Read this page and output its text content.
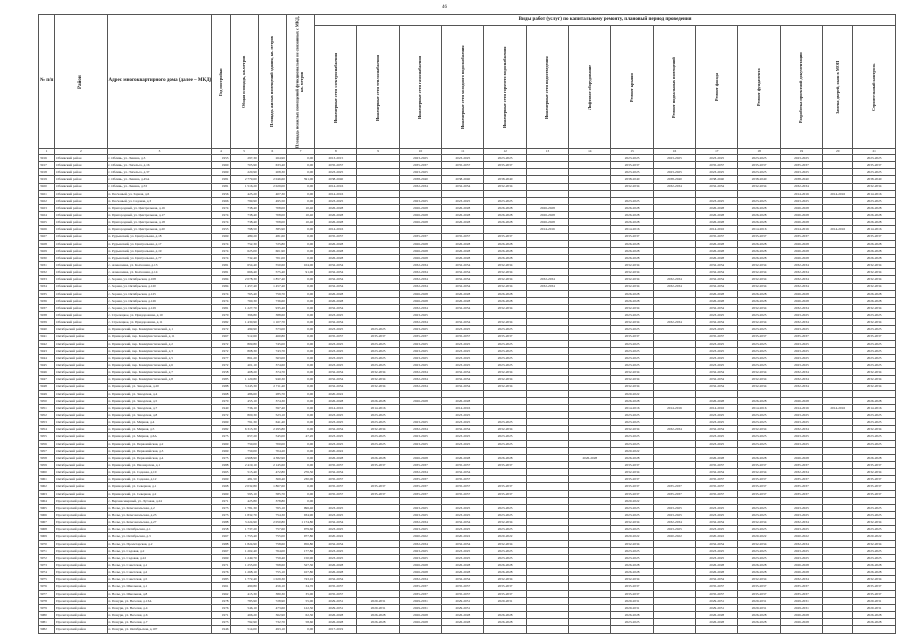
46
№ п/п	Район	Адрес многоквартирного дома (далее – МКД)	Год постройки	Общая площадь, кв.метров	Площадь жилых помещений здания, кв. метров	Площадь нежилых помещений функционально не связанных с МКД, кв. метров	Виды работ (услуг) по капитальному ремонту, плановый период проведения													
							Инженерные сети электроснабжения	Инженерные сети теплоснабжения	Инженерные сети газоснабжения	Инженерные сети холодного водоснабжения	Инженерные сети горячего водоснабжения	Инженерные сети водоотведения	Лифтовое оборудование	Ремонт крыши	Ремонт подвальных помещений	Ремонт фасада	Ремонт фундамента	Разработка проектной документации	Замена дверей, окон в МОП	Строительный контроль
1	2	3	4	5	6	7	8	9	10	11	12	13	14	15	16	17	18	19	20	21
3916	Обливский район	г. Обливь, ул. Ленина, д.3	1953	297,30	264,90	0,00	2013-2015		2023-2025	2023-2025	2023-2025			2023-2025	2023-2025	2023-2025	2023-2025	2023-2025		2023-2025
3917	Обливский район	г. Обливь, ул. Энгельса, д.16	1960	705,90	633,40	0,00	2035-2037		2035-2037	2035-2037	2035-2037			2035-2037		2035-2037	2035-2037	2035-2037		2035-2037
3918	Обливский район	г. Обливь, ул. Энгельса, д.37	1969	220,90	208,30	0,00	2023-2025		2023-2025					2023-2025	2023-2025	2023-2025	2023-2025	2023-2025		2023-2025
3919	Обливский район	г. Обливь, ул. Ленина, д.45А	1981	2 779,60	2 046,60	591,00	2038-2040		2038-2040	2038-2040	2038-2040			2038-2040	2038-2040	2038-2040	2038-2040	2038-2040		2038-2040
3920	Обливский район	г. Обливь, ул. Ленина, д.53	1981	1 516,20	2 029,00	0,00	2014-2016		2032-2034	2032-2034	2032-2034			2032-2034	2032-2034	2032-2034	2032-2034	2032-2034		2032-2034
3921	Обливский район	п. Песчаный, ул. Зорная, д.6	1956	425,20	407,30	0,00	2014-2016											2014-2016	2014-2016	2014-2016
3922	Обливский район	п. Песчаный, ул. Садовая, д.3	1966	799,90	495,50	0,00	2023-2025		2023-2025	2023-2025	2023-2025			2023-2025		2023-2025	2023-2025	2023-2025		2023-2025
3923	Обливский район	п. Пригородный, ул. Центральная, д.16	1974	738,40	708,00	10,40	2026-2028		2026-2028	2026-2028	2026-2028	2026-2028		2026-2028		2026-2028	2026-2028	2026-2028		2026-2028
3924	Обливский район	п. Пригородный, ул. Центральная, д.17	1974	738,40	708,00	10,40	2026-2028		2026-2028	2026-2028	2026-2028	2026-2028		2026-2028		2026-2028	2026-2028	2026-2028		2026-2028
3925	Обливский район	п. Пригородный, ул. Центральная, д.18	1974	738,40	708,00	10,40	2026-2028		2026-2028	2026-2028	2026-2028	2026-2028		2026-2028		2026-2028	2026-2028	2026-2028		2026-2028
3926	Обливский район	п. Пригородный, ул. Центральная, д.20	1953	798,50	385,90	0,00	2014-2016					2014-2016		2014-2016		2014-2016	2014-2016	2014-2016	2014-2016	2014-2016
3927	Обливский район	п. Рудьевский, ул. Центральная, д.18	1969	489,20	481,60	0,00	2035-2037		2035-2037	2035-2037	2035-2037			2035-2037		2035-2037	2035-2037	2035-2037		2035-2037
3928	Обливский район	п. Рудьевский, ул. Центральная, д.17	1974	752,30	725,80	0,00	2026-2028		2026-2028	2026-2028	2026-2028			2026-2028		2026-2028	2026-2028	2026-2028		2026-2028
3929	Обливский район	п. Рудьевский, ул. Центральная, д.19	1974	625,00	601,90	0,00	2026-2028		2026-2028	2026-2028	2026-2028			2026-2028		2026-2028	2026-2028	2026-2028		2026-2028
3930	Обливский район	п. Рудьевский, ул. Центральная, д.77	1974	732,40	701,00	0,00	2026-2028		2026-2028	2026-2028	2026-2028			2026-2028		2026-2028	2026-2028	2026-2028		2026-2028
3931	Обливский район	с. Алексеевка, ул. Колхозная, д.13	1981	654,40	550,60	104,00	2032-2034		2032-2034	2032-2034	2032-2034			2032-2034		2032-2034	2032-2034	2032-2034		2032-2034
3932	Обливский район	с. Алексеевка, ул. Колхозная, д.14	1981	666,40	575,40	91,00	2032-2034		2032-2034	2032-2034	2032-2034			2032-2034		2032-2034	2032-2034	2032-2034		2032-2034
3933	Обливский район	с. Зорная, ул. Октябрьская, д.108	1984	2 078,30	1 857,40	0,00	2032-2034		2032-2034	2032-2034	2032-2034	2032-2034		2032-2034	2032-2034	2032-2034	2032-2034	2032-2034		2032-2034
3934	Обливский район	с. Зорная, ул. Октябрьская, д.120	1984	1 457,40	1 457,40	0,00	2032-2034		2032-2034	2032-2034	2032-2034	2032-2034		2032-2034	2032-2034	2032-2034	2032-2034	2032-2034		2032-2034
3935	Обливский район	с. Зорная, ул. Октябрьская, д.125	1974	765,40	759,70	0,00	2026-2028		2026-2028	2026-2028	2026-2028			2026-2028		2026-2028	2026-2028	2026-2028		2026-2028
3936	Обливский район	с. Зорная, ул. Октябрьская, д.126	1974	760,30	736,60	0,00	2026-2028		2026-2028	2026-2028	2026-2028			2026-2028		2026-2028	2026-2028	2026-2028		2026-2028
3937	Обливский район	с. Зорная, ул. Октябрьская, д.129	1981	1 227,70	935,40	0,00	2032-2034		2032-2034	2032-2034	2032-2034			2032-2034		2032-2034	2032-2034	2032-2034		2032-2034
3938	Обливский район	с. Cтрелецкое, ул. Придорожная, д.10	1970	396,80	388,60	0,00	2023-2025		2023-2025					2023-2025		2023-2025	2023-2025	2023-2025		2023-2025
3939	Обливский район	с. Стрелецкое, ул. Придорожная, д.11	1982	1 430,90	1 107,70	0,00	2032-2034		2032-2034	2032-2034	2032-2034			2032-2034	2032-2034	2032-2034	2032-2034	2032-2034		2032-2034
3940	Октябрьский район	п. Приморский, пер. Коммунистический, д.1	1972	499,90	573,00	0,00	2023-2025	2023-2025	2023-2025	2023-2025	2023-2025			2023-2025		2023-2025	2023-2025	2023-2025		2023-2025
3941	Октябрьский район	п. Приморский, пер. Коммунистический, д.11	1967	512,60	460,80	0,00	2035-2037	2035-2037	2035-2037	2035-2037	2035-2037			2035-2037		2035-2037	2035-2037	2035-2037		2035-2037
3942	Октябрьский район	п. Приморский, пер. Коммунистический, д.2	1972	809,80	745,00	0,00	2023-2025	2023-2025	2023-2025	2023-2025	2023-2025			2023-2025		2023-2025	2023-2025	2023-2025		2023-2025
3943	Октябрьский район	п. Приморский, пер. Коммунистический, д.3	1972	808,30	743,70	0,00	2023-2025	2023-2025	2023-2025	2023-2025	2023-2025			2023-2025		2023-2025	2023-2025	2023-2025		2023-2025
3944	Октябрьский район	п. Приморский, пер. Коммунистический, д.5	1977	861,20	563,00	0,00	2023-2025	2023-2025	2023-2025	2023-2025	2023-2025			2023-2025		2023-2025	2023-2025	2023-2025		2023-2025
3945	Октябрьский район	п. Приморский, пер. Коммунистический, д.6	1972	401,10	374,60	0,00	2023-2025	2023-2025	2023-2025	2023-2025	2023-2025			2023-2025		2023-2025	2023-2025	2023-2025		2023-2025
3946	Октябрьский район	п. Приморский, пер. Коммунистический, д.7	1958	408,20	374,70	0,00	2032-2034	2032-2034	2032-2034	2032-2034	2032-2034			2032-2034		2032-2034	2032-2034	2032-2034		2032-2034
3947	Октябрьский район	п. Приморский, пер. Коммунистический, д.8	1985	1 120,80	940,30	0,00	2032-2034	2032-2034	2032-2034	2032-2034	2032-2034			2032-2034		2032-2034	2032-2034	2032-2034		2032-2034
3948	Октябрьский район	п. Приморский, ул. Заводская, д.20	1988	3 245,30	2 711,40	0,00	2032-2034	2032-2034	2032-2034	2032-2034	2032-2034			2032-2034		2032-2034	2032-2034	2032-2034		2032-2034
3949	Октябрьский район	п. Приморский, ул. Заводская, д.4	1968	486,60	285,70	0,00	2020-2022							2020-2022						
3950	Октябрьский район	п. Приморский, ул. Заводская, д.5	1970	455,10	374,30	0,00	2026-2028	2026-2028	2026-2028	2026-2028				2026-2028		2026-2028	2026-2028	2026-2028		2026-2028
3951	Октябрьский район	п. Приморский, ул. Заводская, д.7	1940	736,10	597,40	0,00	2014-2016	2014-2016		2014-2016				2014-2016	2014-2016	2014-2016	2014-2016	2014-2016	2014-2016	2014-2016
3952	Октябрьский район	п. Приморский, ул. Заводская, д.8	1972	800,30	523,10	0,00	2023-2025	2023-2025		2023-2025				2023-2025		2023-2025	2023-2025	2023-2025		2023-2025
3953	Октябрьский район	п. Приморский, ул. Мирная, д.4	1969	791,30	641,40	0,00	2023-2025	2023-2025	2023-2025	2023-2025	2023-2025			2023-2025		2023-2025	2023-2025	2023-2025		2023-2025
3954	Октябрьский район	п. Приморский, ул. Мирная, д.5	1982	6 313,30	2 295,80	0,00	2032-2034	2032-2034	2032-2034	2032-2034	2032-2034			2032-2034	2032-2034	2032-2034	2032-2034	2032-2034		2032-2034
3955	Октябрьский район	п. Приморский, ул. Мирная, д.6А	1975	657,20	545,00	47,20	2023-2025	2023-2025	2023-2025	2023-2025	2023-2025			2023-2025		2023-2025	2023-2025	2023-2025		2023-2025
3956	Октябрьский район	п. Приморский, ул. Первомайская, д.2	1969	750,00	700,00	0,00	2023-2025	2023-2025	2023-2025	2023-2025	2023-2025			2023-2025		2023-2025	2023-2025	2023-2025		2023-2025
3957	Октябрьский район	п. Приморский, ул. Первомайская, д.3	1969	750,00	704,20	0,00	2020-2022							2020-2022						
3958	Октябрьский район	п. Приморский, ул. Первомайская, д.4	1975	4 968,90	4 382,90	0,00	2026-2028	2026-2028	2026-2028	2026-2028	2026-2028		2026-2028	2026-2028		2026-2028	2026-2028	2026-2028		2026-2028
3959	Октябрьский район	п. Приморский, ул. Пионерская, д.1	1988	2 419,10	2 145,60	0,00	2035-2037	2035-2037	2035-2037	2035-2037	2035-2037			2035-2037		2035-2037	2035-2037	2035-2037		2035-2037
3960	Октябрьский район	п. Приморский, ул. Садовая, д.10	1965	515,40	472,80	276,50	2032-2034		2032-2034	2032-2034				2032-2034		2032-2034	2032-2034	2032-2034		2032-2034
3961	Октябрьский район	п. Приморский, ул. Садовая, д.12	1969	481,50	369,40	230,00	2035-2037		2035-2037	2035-2037				2035-2037		2035-2037	2035-2037	2035-2037		2035-2037
3962	Октябрьский район	п. Приморский, ул. Северная, д.1	1968	2 032,80	1 867,60	0,00	2035-2037	2035-2037	2035-2037	2035-2037	2035-2037			2035-2037	2035-2037	2035-2037	2035-2037	2035-2037		2035-2037
3963	Октябрьский район	п. Приморский, ул. Северная, д.2	1969	595,10	585,70	0,00	2035-2037	2035-2037	2035-2037	2035-2037	2035-2037			2035-2037	2035-2037	2035-2037	2035-2037	2035-2037		2035-2037
3964	Пролетарский район	с. Верхнесеверный, ул. Луговая, д.24	1971	425,80	378,80	0,00								2020-2022						
3965	Пролетарский район	п. Волы, ул. Комсомольская, д.2	1973	1 781,30	765,10	996,40	2023-2025		2023-2025	2023-2025	2023-2025			2023-2025	2023-2025	2023-2025	2023-2025	2023-2025		2023-2025
3966	Пролетарский район	п. Волы, ул. Комсомольская, д.23	1973	1 832,70	754,30	934,90	2023-2025		2023-2025	2023-2025	2023-2025			2023-2025	2023-2025	2023-2025	2023-2025	2023-2025		2023-2025
3967	Пролетарский район	п. Волы, ул. Комсомольская, д.27	1988	3 224,90	2 050,80	1 174,80	2032-2034		2032-2034	2032-2034	2032-2034			2032-2034	2032-2034	2032-2034	2032-2034	2032-2034		2032-2034
3968	Пролетарский район	п. Волы, ул. Октябрьская, д.1	1958	1 737,20	757,60	979,60	2023-2025		2023-2025	2023-2025	2023-2025			2023-2025	2023-2025	2023-2025	2023-2025	2023-2025		2023-2025
3969	Пролетарский район	п. Волы, ул. Октябрьская, д.3	1967	1 753,40	755,00	977,80	2020-2022		2020-2022	2020-2022	2020-2022			2020-2022	2020-2022	2020-2022	2020-2022	2020-2022		2020-2022
3970	Пролетарский район	п. Волы, ул. Пролетарская, д.2	1988	1 824,90	758,60	956,80	2032-2034		2032-2034	2032-2034	2032-2034			2032-2034		2032-2034	2032-2034	2032-2034		2032-2034
3971	Пролетарский район	п. Волы, ул. Садовая, д.2	1967	1 202,40	764,00	177,80	2023-2025		2023-2025	2023-2025	2023-2025			2023-2025		2023-2025	2023-2025	2023-2025		2023-2025
3972	Пролетарский район	п. Волы, ул. Садовая, д.22	1969	1 249,70	759,40	150,90	2023-2025		2023-2025	2023-2025	2023-2025			2023-2025		2023-2025	2023-2025	2023-2025		2023-2025
3973	Пролетарский район	п. Волы, ул. Советская, д.1	1971	1 255,00	768,60	527,30	2026-2028		2026-2028	2026-2028	2026-2028			2026-2028		2026-2028	2026-2028	2026-2028		2026-2028
3974	Пролетарский район	п. Волы, ул. Советская, д.2	1976	1 268,10	755,10	107,80	2026-2028		2026-2028	2026-2028	2026-2028			2026-2028		2026-2028	2026-2028	2026-2028		2026-2028
3975	Пролетарский район	п. Волы, ул. Советская, д.5	1983	1 772,40	1 029,30	743,10	2032-2034		2032-2034	2032-2034	2032-2034			2032-2034		2032-2034	2032-2034	2032-2034		2032-2034
3976	Пролетарский район	п. Волы, ул. Школьная, д.1	1961	490,80	456,10	34,70	2035-2037		2035-2037	2035-2037	2035-2037			2035-2037		2035-2037	2035-2037	2035-2037		2035-2037
3977	Пролетарский район	п. Волы, ул. Школьная, д.8	1962	415,30	380,30	35,00	2035-2037		2035-2037	2035-2037	2035-2037			2035-2037		2035-2037	2035-2037	2035-2037		2035-2037
3978	Пролетарский район	п. Понури, ул. Веселая, д.13А	1978	783,90	728,90	55,00	2029-2031	2029-2031	2029-2031	2029-2031	2029-2031			2029-2031		2029-2031	2029-2031	2029-2031		2029-2031
3979	Пролетарский район	п. Понури, ул. Веселая, д.4	1976	546,10	473,60	122,50	2029-2031	2029-2031	2029-2031	2029-2031				2029-2031		2029-2031	2029-2031	2029-2031		2029-2031
3980	Пролетарский район	п. Понури, ул. Веселая, д.6	1971	466,20	362,90	62,30	2026-2028	2026-2028	2026-2028	2026-2028	2026-2028			2026-2028		2026-2028	2026-2028	2026-2028		2026-2028
3981	Пролетарский район	п. Понури, ул. Веселая, д.7	1973	792,90	732,70	58,60	2026-2028	2026-2028	2026-2028	2026-2028	2026-2028			2023-2025		2026-2028	2026-2028	2026-2028		2026-2028
3982	Пролетарский район	п. Понури, ул. Октябрьская, д.107	1946	514,00	493,10	0,00	2017-2019													
